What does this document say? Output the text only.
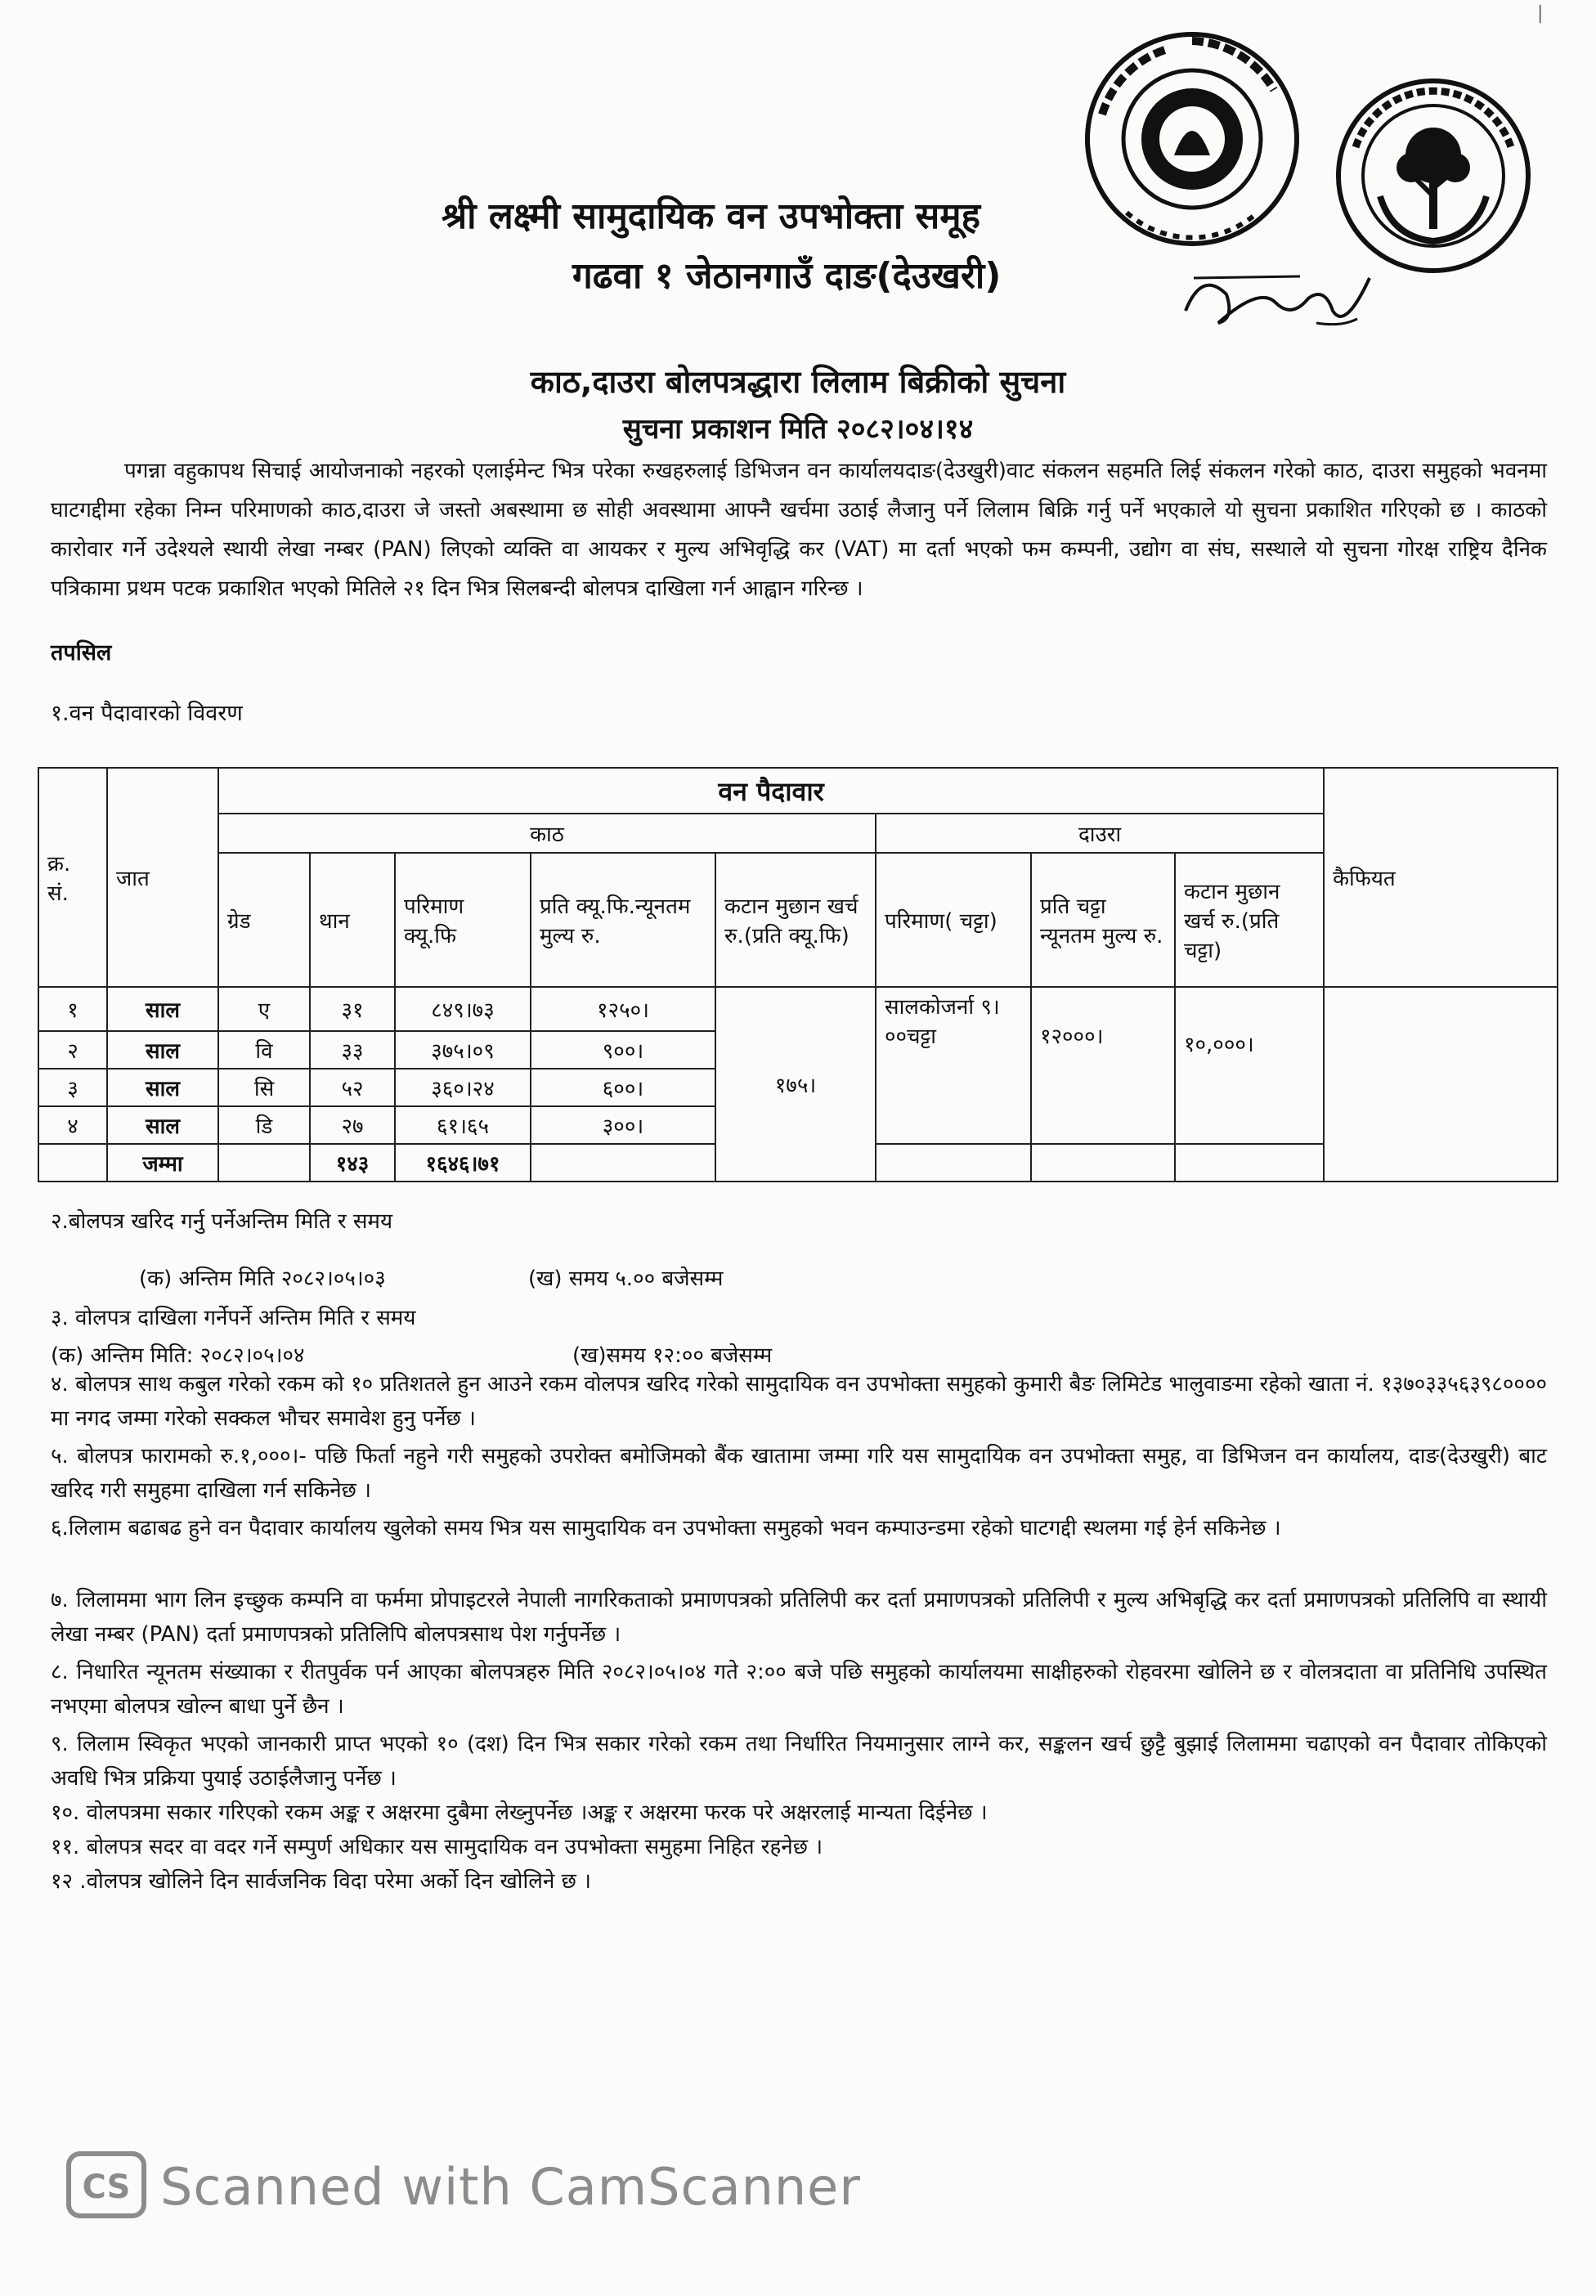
|
श्री लक्ष्मी सामुदायिक वन उपभोक्ता समूह
गढवा १ जेठानगाउँ दाङ(देउखरी)
काठ,दाउरा बोलपत्रद्धारा लिलाम बिक्रीको सुचना
सुचना प्रकाशन मिति २०८२।०४।१४
पगन्ना वहुकापथ सिचाई आयोजनाको नहरको एलाईमेन्ट भित्र परेका रुखहरुलाई डिभिजन वन कार्यालयदाङ(देउखुरी)वाट संकलन सहमति लिई संकलन गरेको काठ, दाउरा समुहको भवनमा घाटगद्दीमा रहेका निम्न परिमाणको काठ,दाउरा जे जस्तो अबस्थामा छ सोही अवस्थामा आफ्नै खर्चमा उठाई लैजानु पर्ने लिलाम बिक्रि गर्नु पर्ने भएकाले यो सुचना प्रकाशित गरिएको छ । काठको कारोवार गर्ने उदेश्यले स्थायी लेखा नम्बर (PAN) लिएको व्यक्ति वा आयकर र मुल्य अभिवृद्धि कर (VAT) मा दर्ता भएको फम कम्पनी, उद्योग वा संघ, सस्थाले यो सुचना गोरक्ष राष्ट्रिय दैनिक पत्रिकामा प्रथम पटक प्रकाशित भएको मितिले २१ दिन भित्र सिलबन्दी बोलपत्र दाखिला गर्न आह्वान गरिन्छ ।
तपसिल
१.वन पैदावारको विवरण
क्र. सं.	जात	वन पैदावार								कैफियत
		काठ					दाउरा			
		ग्रेड	थान	परिमाण क्यू.फि	प्रति क्यू.फि.न्यूनतम मुल्य रु.	कटान मुछान खर्च रु.(प्रति क्यू.फि)	परिमाण( चट्टा)	प्रति चट्टा न्यूनतम मुल्य रु.	कटान मुछान खर्च रु.(प्रति चट्टा)	
१	साल	ए	३१	८४९।७३	१२५०।	१७५।	सालकोजर्ना ९।००चट्टा	१२०००।	१०,०००।	
२	साल	वि	३३	३७५।०९	९००।					
३	साल	सि	५२	३६०।२४	६००।					
४	साल	डि	२७	६१।६५	३००।					
	जम्मा		१४३	१६४६।७१						
२.बोलपत्र खरिद गर्नु पर्नेअन्तिम मिति र समय
(क) अन्तिम मिति २०८२।०५।०३	(ख) समय ५.०० बजेसम्म
३. वोलपत्र दाखिला गर्नेपर्ने अन्तिम मिति र समय
(क) अन्तिम मिति: २०८२।०५।०४	(ख)समय १२:०० बजेसम्म
४. बोलपत्र साथ कबुल गरेको रकम को १० प्रतिशतले हुन आउने रकम वोलपत्र खरिद गरेको सामुदायिक वन उपभोक्ता समुहको कुमारी बैङ लिमिटेड भालुवाङमा रहेको खाता नं. १३७०३३५६३९८०००० मा नगद जम्मा गरेको सक्कल भौचर समावेश हुनु पर्नेछ ।
५. बोलपत्र फारामको रु.१,०००।- पछि फिर्ता नहुने गरी समुहको उपरोक्त बमोजिमको बैंक खातामा जम्मा गरि यस सामुदायिक वन उपभोक्ता समुह, वा डिभिजन वन कार्यालय, दाङ(देउखुरी) बाट खरिद गरी समुहमा दाखिला गर्न सकिनेछ ।
६.लिलाम बढाबढ हुने वन पैदावार कार्यालय खुलेको समय भित्र यस सामुदायिक वन उपभोक्ता समुहको भवन कम्पाउन्डमा रहेको घाटगद्दी स्थलमा गई हेर्न सकिनेछ ।
७. लिलाममा भाग लिन इच्छुक कम्पनि वा फर्ममा प्रोपाइटरले नेपाली नागरिकताको प्रमाणपत्रको प्रतिलिपी कर दर्ता प्रमाणपत्रको प्रतिलिपी र मुल्य अभिबृद्धि कर दर्ता प्रमाणपत्रको प्रतिलिपि वा स्थायी लेखा नम्बर (PAN) दर्ता प्रमाणपत्रको प्रतिलिपि बोलपत्रसाथ पेश गर्नुपर्नेछ ।
८. निधारित न्यूनतम संख्याका र रीतपुर्वक पर्न आएका बोलपत्रहरु मिति २०८२।०५।०४ गते २:०० बजे पछि समुहको कार्यालयमा साक्षीहरुको रोहवरमा खोलिने छ र वोलत्रदाता वा प्रतिनिधि उपस्थित नभएमा बोलपत्र खोल्न बाधा पुर्ने छैन ।
९. लिलाम स्विकृत भएको जानकारी प्राप्त भएको १० (दश) दिन भित्र सकार गरेको रकम तथा निर्धारित नियमानुसार लाग्ने कर, सङ्कलन खर्च छुट्टै बुझाई लिलाममा चढाएको वन पैदावार तोकिएको अवधि भित्र प्रक्रिया पुयाई उठाईलैजानु पर्नेछ ।
१०. वोलपत्रमा सकार गरिएको रकम अङ्क र अक्षरमा दुबैमा लेख्नुपर्नेछ ।अङ्क र अक्षरमा फरक परे अक्षरलाई मान्यता दिईनेछ ।
११. बोलपत्र सदर वा वदर गर्ने सम्पुर्ण अधिकार यस सामुदायिक वन उपभोक्ता समुहमा निहित रहनेछ ।
१२ .वोलपत्र खोलिने दिन सार्वजनिक विदा परेमा अर्को दिन खोलिने छ ।
CS Scanned with CamScanner
